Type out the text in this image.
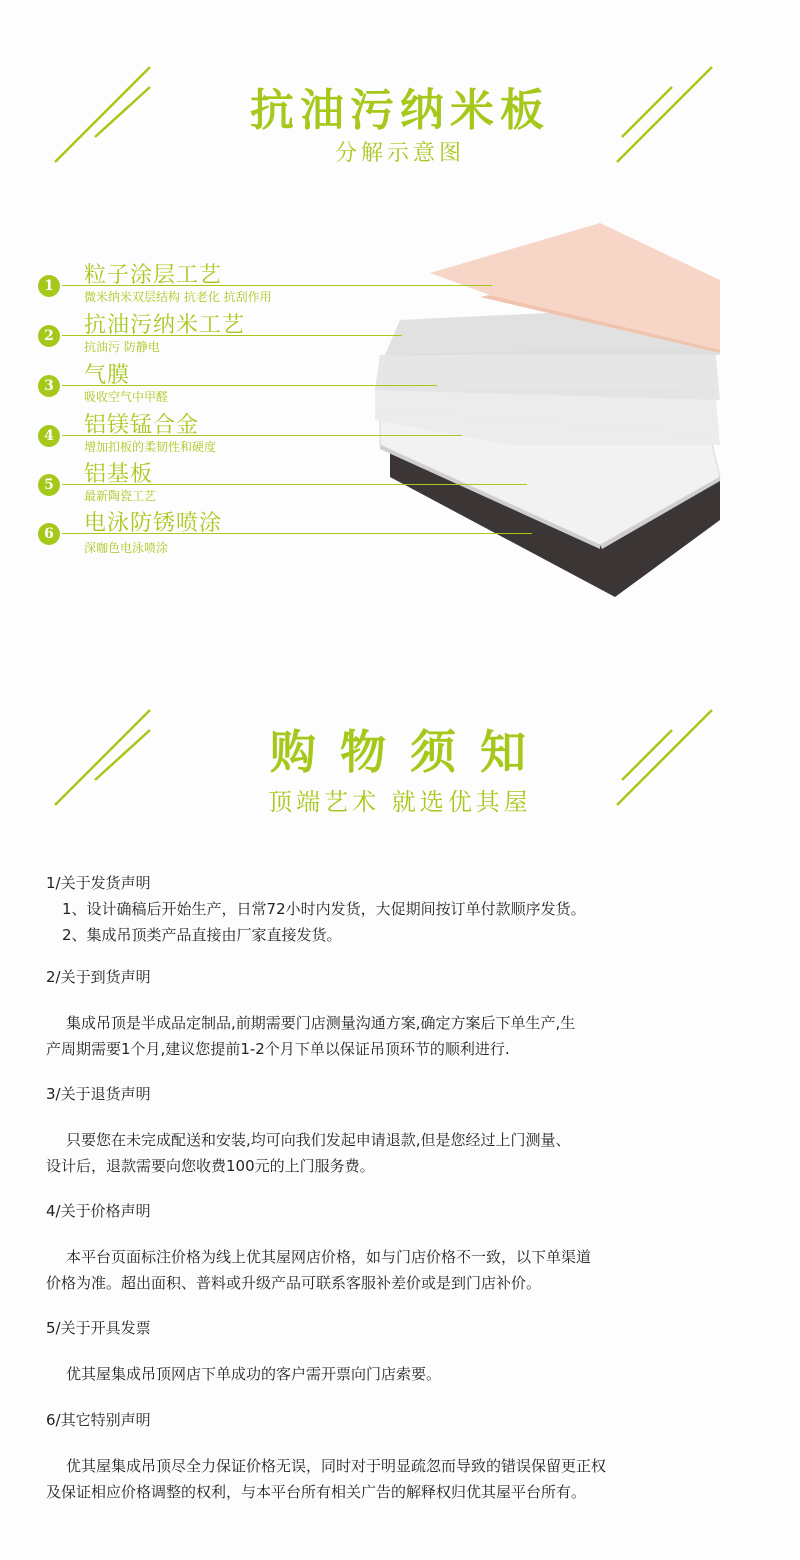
抗油污纳米板
分解示意图
1 粒子涂层工艺
微米纳米双层结构 抗老化 抗刮作用
2 抗油污纳米工艺
抗油污 防静电
3 气膜
吸收空气中甲醛
4 铝镁锰合金
增加扣板的柔韧性和硬度
5 铝基板
最新陶瓷工艺
6 电泳防锈喷涂
深咖色电泳喷涂
购 物 须 知
顶端艺术 就选优其屋

1/关于发货声明

1、设计确稿后开始生产，日常72小时内发货，大促期间按订单付款顺序发货。

2、集成吊顶类产品直接由厂家直接发货。

2/关于到货声明

集成吊顶是半成品定制品,前期需要门店测量沟通方案,确定方案后下单生产,生

产周期需要1个月,建议您提前1-2个月下单以保证吊顶环节的顺利进行.

3/关于退货声明

只要您在未完成配送和安装,均可向我们发起申请退款,但是您经过上门测量、

设计后，退款需要向您收费100元的上门服务费。

4/关于价格声明

本平台页面标注价格为线上优其屋网店价格，如与门店价格不一致，以下单渠道

价格为准。超出面积、普料或升级产品可联系客服补差价或是到门店补价。

5/关于开具发票

优其屋集成吊顶网店下单成功的客户需开票向门店索要。

6/其它特别声明

优其屋集成吊顶尽全力保证价格无误，同时对于明显疏忽而导致的错误保留更正权

及保证相应价格调整的权利，与本平台所有相关广告的解释权归优其屋平台所有。
